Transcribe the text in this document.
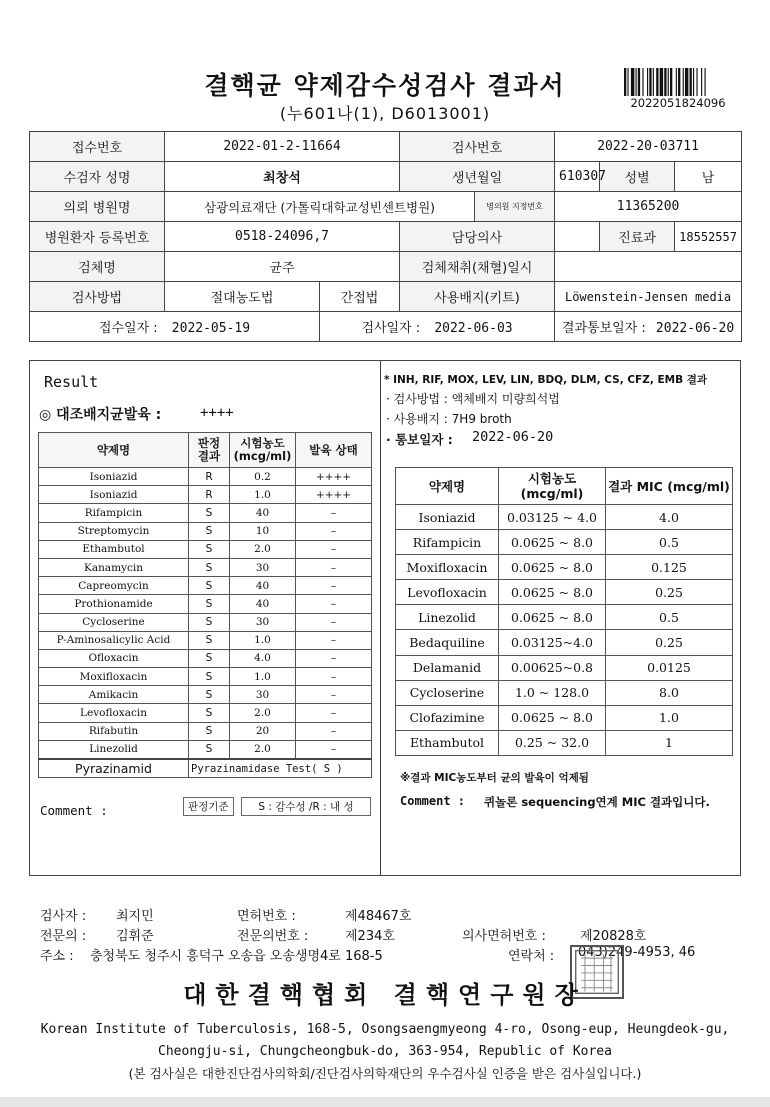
결핵균 약제감수성검사 결과서
(누601나(1), D6013001)
2022051824096
접수번호	2022-01-2-11664		검사번호		2022-20-03711		
수검자 성명	최창석		생년월일		610307	성별	남
의뢰 병원명	삼광의료재단 (가톨릭대학교성빈센트병원)			병의원 지정번호	11365200		
병원환자 등록번호	0518-24096,7		담당의사			진료과	18552557
검체명	균주		검체채취(채혈)일시				
검사방법	절대농도법	간접법	사용배지(키트)		Löwenstein-Jensen media		
접수일자 : 2022-05-19		검사일자 : 2022-06-03			결과통보일자 : 2022-06-20		
Result
◎ 대조배지균발육 :	++++
약제명	판정 결과	시험농도 (mcg/ml)	발육 상태
Isoniazid	R	0.2	++++
Isoniazid	R	1.0	++++
Rifampicin	S	40	–
Streptomycin	S	10	–
Ethambutol	S	2.0	–
Kanamycin	S	30	–
Capreomycin	S	40	–
Prothionamide	S	40	–
Cycloserine	S	30	–
P-Aminosalicylic Acid	S	1.0	–
Ofloxacin	S	4.0	–
Moxifloxacin	S	1.0	–
Amikacin	S	30	–
Levofloxacin	S	2.0	–
Rifabutin	S	20	–
Linezolid	S	2.0	–
Pyrazinamid	Pyrazinamidase Test( S )		
Comment :	판정기준	S : 감수성 /R : 내 성
* INH, RIF, MOX, LEV, LIN, BDQ, DLM, CS, CFZ, EMB 결과
· 검사방법 : 액체배지 미량희석법
· 사용배지 : 7H9 broth
· 통보일자 : 2022-06-20
약제명	시험농도 (mcg/ml)	결과 MIC (mcg/ml)
Isoniazid	0.03125 ~ 4.0	4.0
Rifampicin	0.0625 ~ 8.0	0.5
Moxifloxacin	0.0625 ~ 8.0	0.125
Levofloxacin	0.0625 ~ 8.0	0.25
Linezolid	0.0625 ~ 8.0	0.5
Bedaquiline	0.03125~4.0	0.25
Delamanid	0.00625~0.8	0.0125
Cycloserine	1.0 ~ 128.0	8.0
Clofazimine	0.0625 ~ 8.0	1.0
Ethambutol	0.25 ~ 32.0	1
※결과 MIC농도부터 균의 발육이 억제됨
Comment : 퀴놀론 sequencing연계 MIC 결과입니다.
검사자 : 최지민	면허번호 :	제48467호
전문의 : 김휘준	전문의번호 :	제234호	의사면허번호 :	제20828호
주소 : 충청북도 청주시 흥덕구 오송읍 오송생명4로 168-5	연락처 : 043)249-4953, 46
대한결핵협회 결핵연구원장
Korean Institute of Tuberculosis, 168-5, Osongsaengmyeong 4-ro, Osong-eup, Heungdeok-gu,
Cheongju-si, Chungcheongbuk-do, 363-954, Republic of Korea
(본 검사실은 대한진단검사의학회/진단검사의학재단의 우수검사실 인증을 받은 검사실입니다.)
